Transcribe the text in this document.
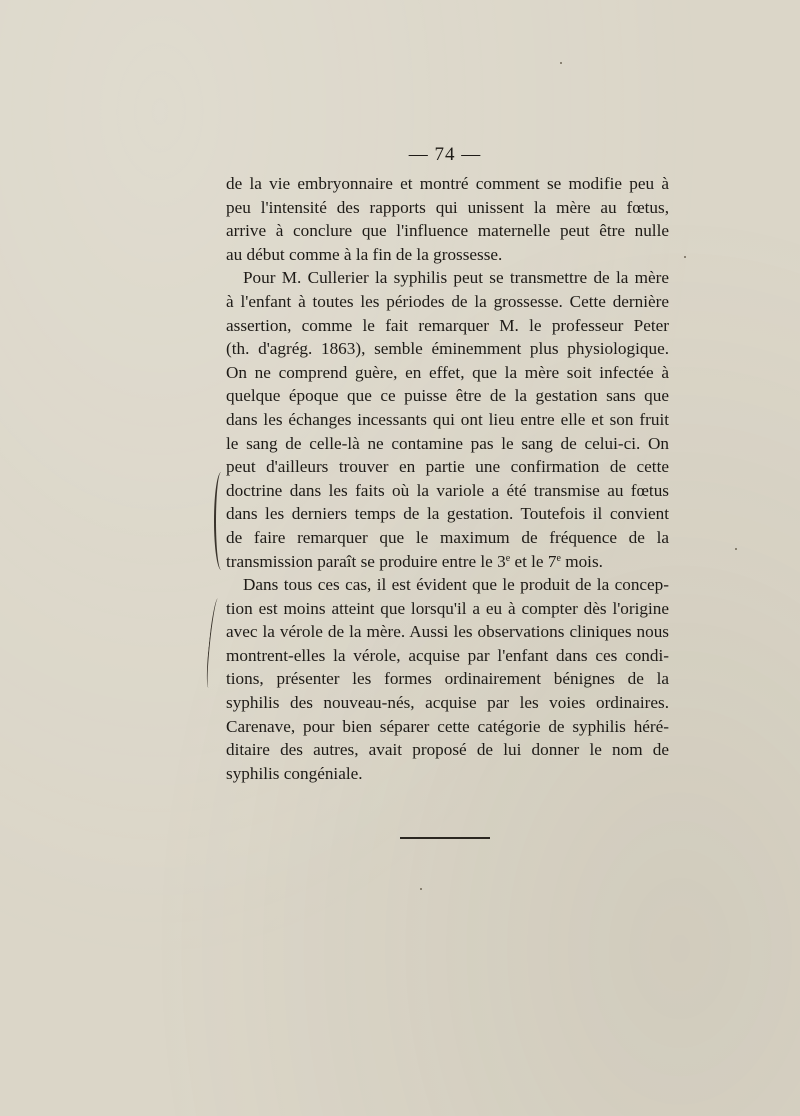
— 74 —
de la vie embryonnaire et montré comment se modifie peu à
peu l'intensité des rapports qui unissent la mère au fœtus,
arrive à conclure que l'influence maternelle peut être nulle
au début comme à la fin de la grossesse.
Pour M. Cullerier la syphilis peut se transmettre de la mère
à l'enfant à toutes les périodes de la grossesse. Cette dernière
assertion, comme le fait remarquer M. le professeur Peter
(th. d'agrég. 1863), semble éminemment plus physiologique.
On ne comprend guère, en effet, que la mère soit infectée à
quelque époque que ce puisse être de la gestation sans que
dans les échanges incessants qui ont lieu entre elle et son fruit
le sang de celle-là ne contamine pas le sang de celui-ci. On
peut d'ailleurs trouver en partie une confirmation de cette
doctrine dans les faits où la variole a été transmise au fœtus
dans les derniers temps de la gestation. Toutefois il convient
de faire remarquer que le maximum de fréquence de la
transmission paraît se produire entre le 3e et le 7e mois.
Dans tous ces cas, il est évident que le produit de la concep-
tion est moins atteint que lorsqu'il a eu à compter dès l'origine
avec la vérole de la mère. Aussi les observations cliniques nous
montrent-elles la vérole, acquise par l'enfant dans ces condi-
tions, présenter les formes ordinairement bénignes de la
syphilis des nouveau-nés, acquise par les voies ordinaires.
Carenave, pour bien séparer cette catégorie de syphilis héré-
ditaire des autres, avait proposé de lui donner le nom de
syphilis congéniale.
